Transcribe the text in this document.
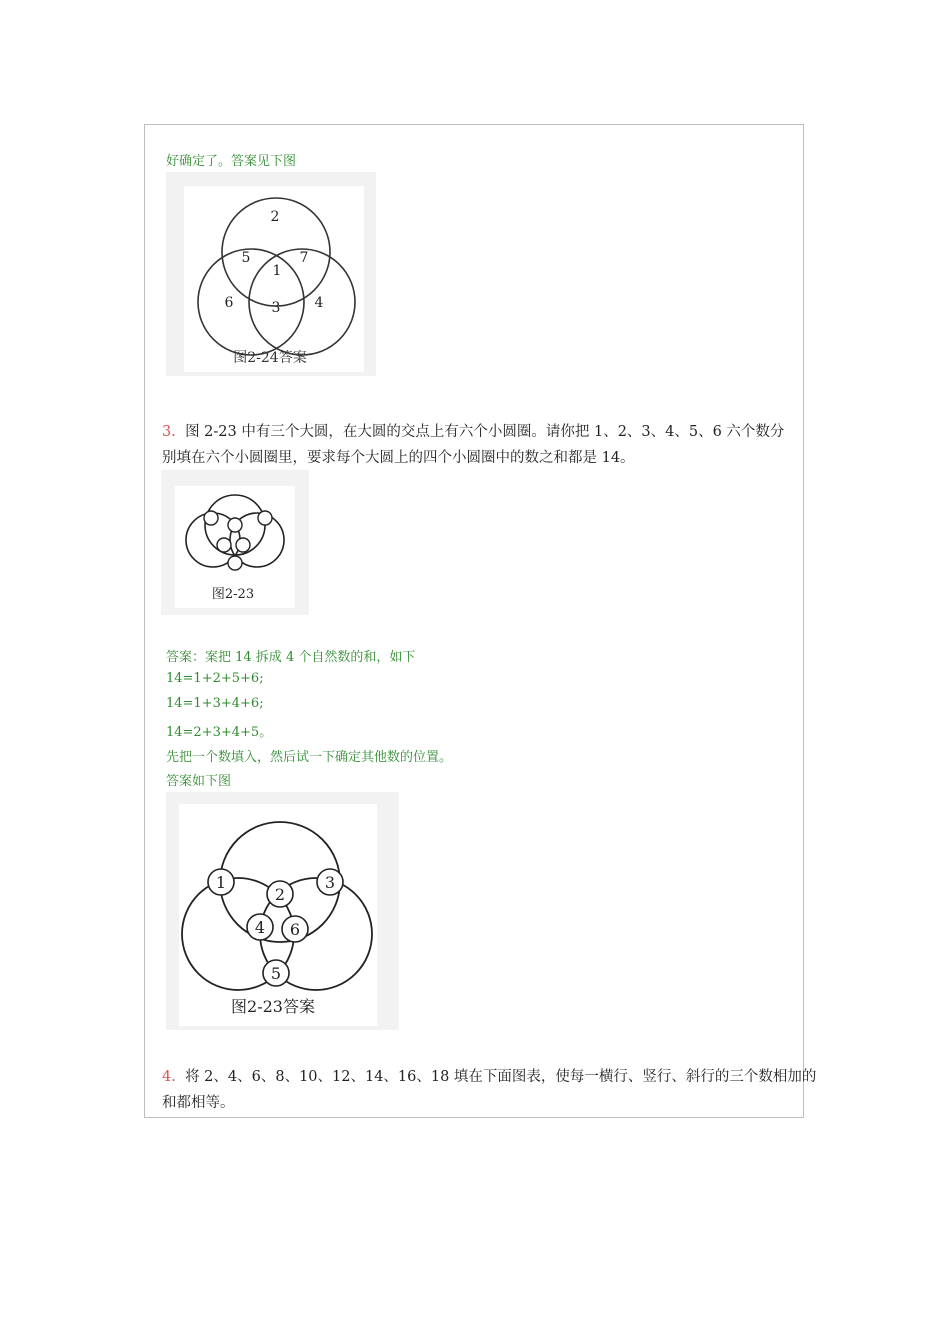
好确定了。答案见下图
2
5	7
1
6	3 4
图2-24答案
3. 图 2-23 中有三个大圆，在大圆的交点上有六个小圆圈。请你把 1、2、3、4、5、6 六个数分
别填在六个小圆圈里，要求每个大圆上的四个小圆圈中的数之和都是 14。
图2-23
答案：案把 14 拆成 4 个自然数的和，如下
14=1+2+5+6;
14=1+3+4+6;
14=2+3+4+5。
先把一个数填入，然后试一下确定其他数的位置。
答案如下图
1
2
3
4 6
5
图2-23答案
4. 将 2、4、6、8、10、12、14、16、18 填在下面图表，使每一横行、竖行、斜行的三个数相加的
和都相等。
